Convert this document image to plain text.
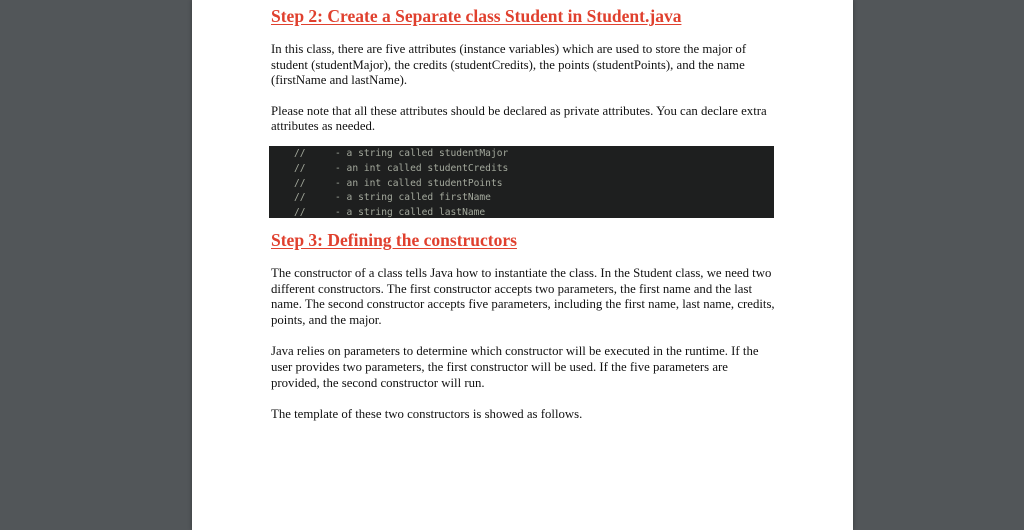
Step 2: Create a Separate class Student in Student.java

In this class, there are five attributes (instance variables) which are used to store the major of student (studentMajor), the credits (studentCredits), the points (studentPoints), and the name (firstName and lastName).

Please note that all these attributes should be declared as private attributes. You can declare extra attributes as needed.

//	- a string called studentMajor
//	- an int called studentCredits
//	- an int called studentPoints
//	- a string called firstName
//	- a string called lastName
Step 3: Defining the constructors

The constructor of a class tells Java how to instantiate the class. In the Student class, we need two different constructors. The first constructor accepts two parameters, the first name and the last name. The second constructor accepts five parameters, including the first name, last name, credits, points, and the major.

Java relies on parameters to determine which constructor will be executed in the runtime. If the user provides two parameters, the first constructor will be used. If the five parameters are provided, the second constructor will run.

The template of these two constructors is showed as follows.
